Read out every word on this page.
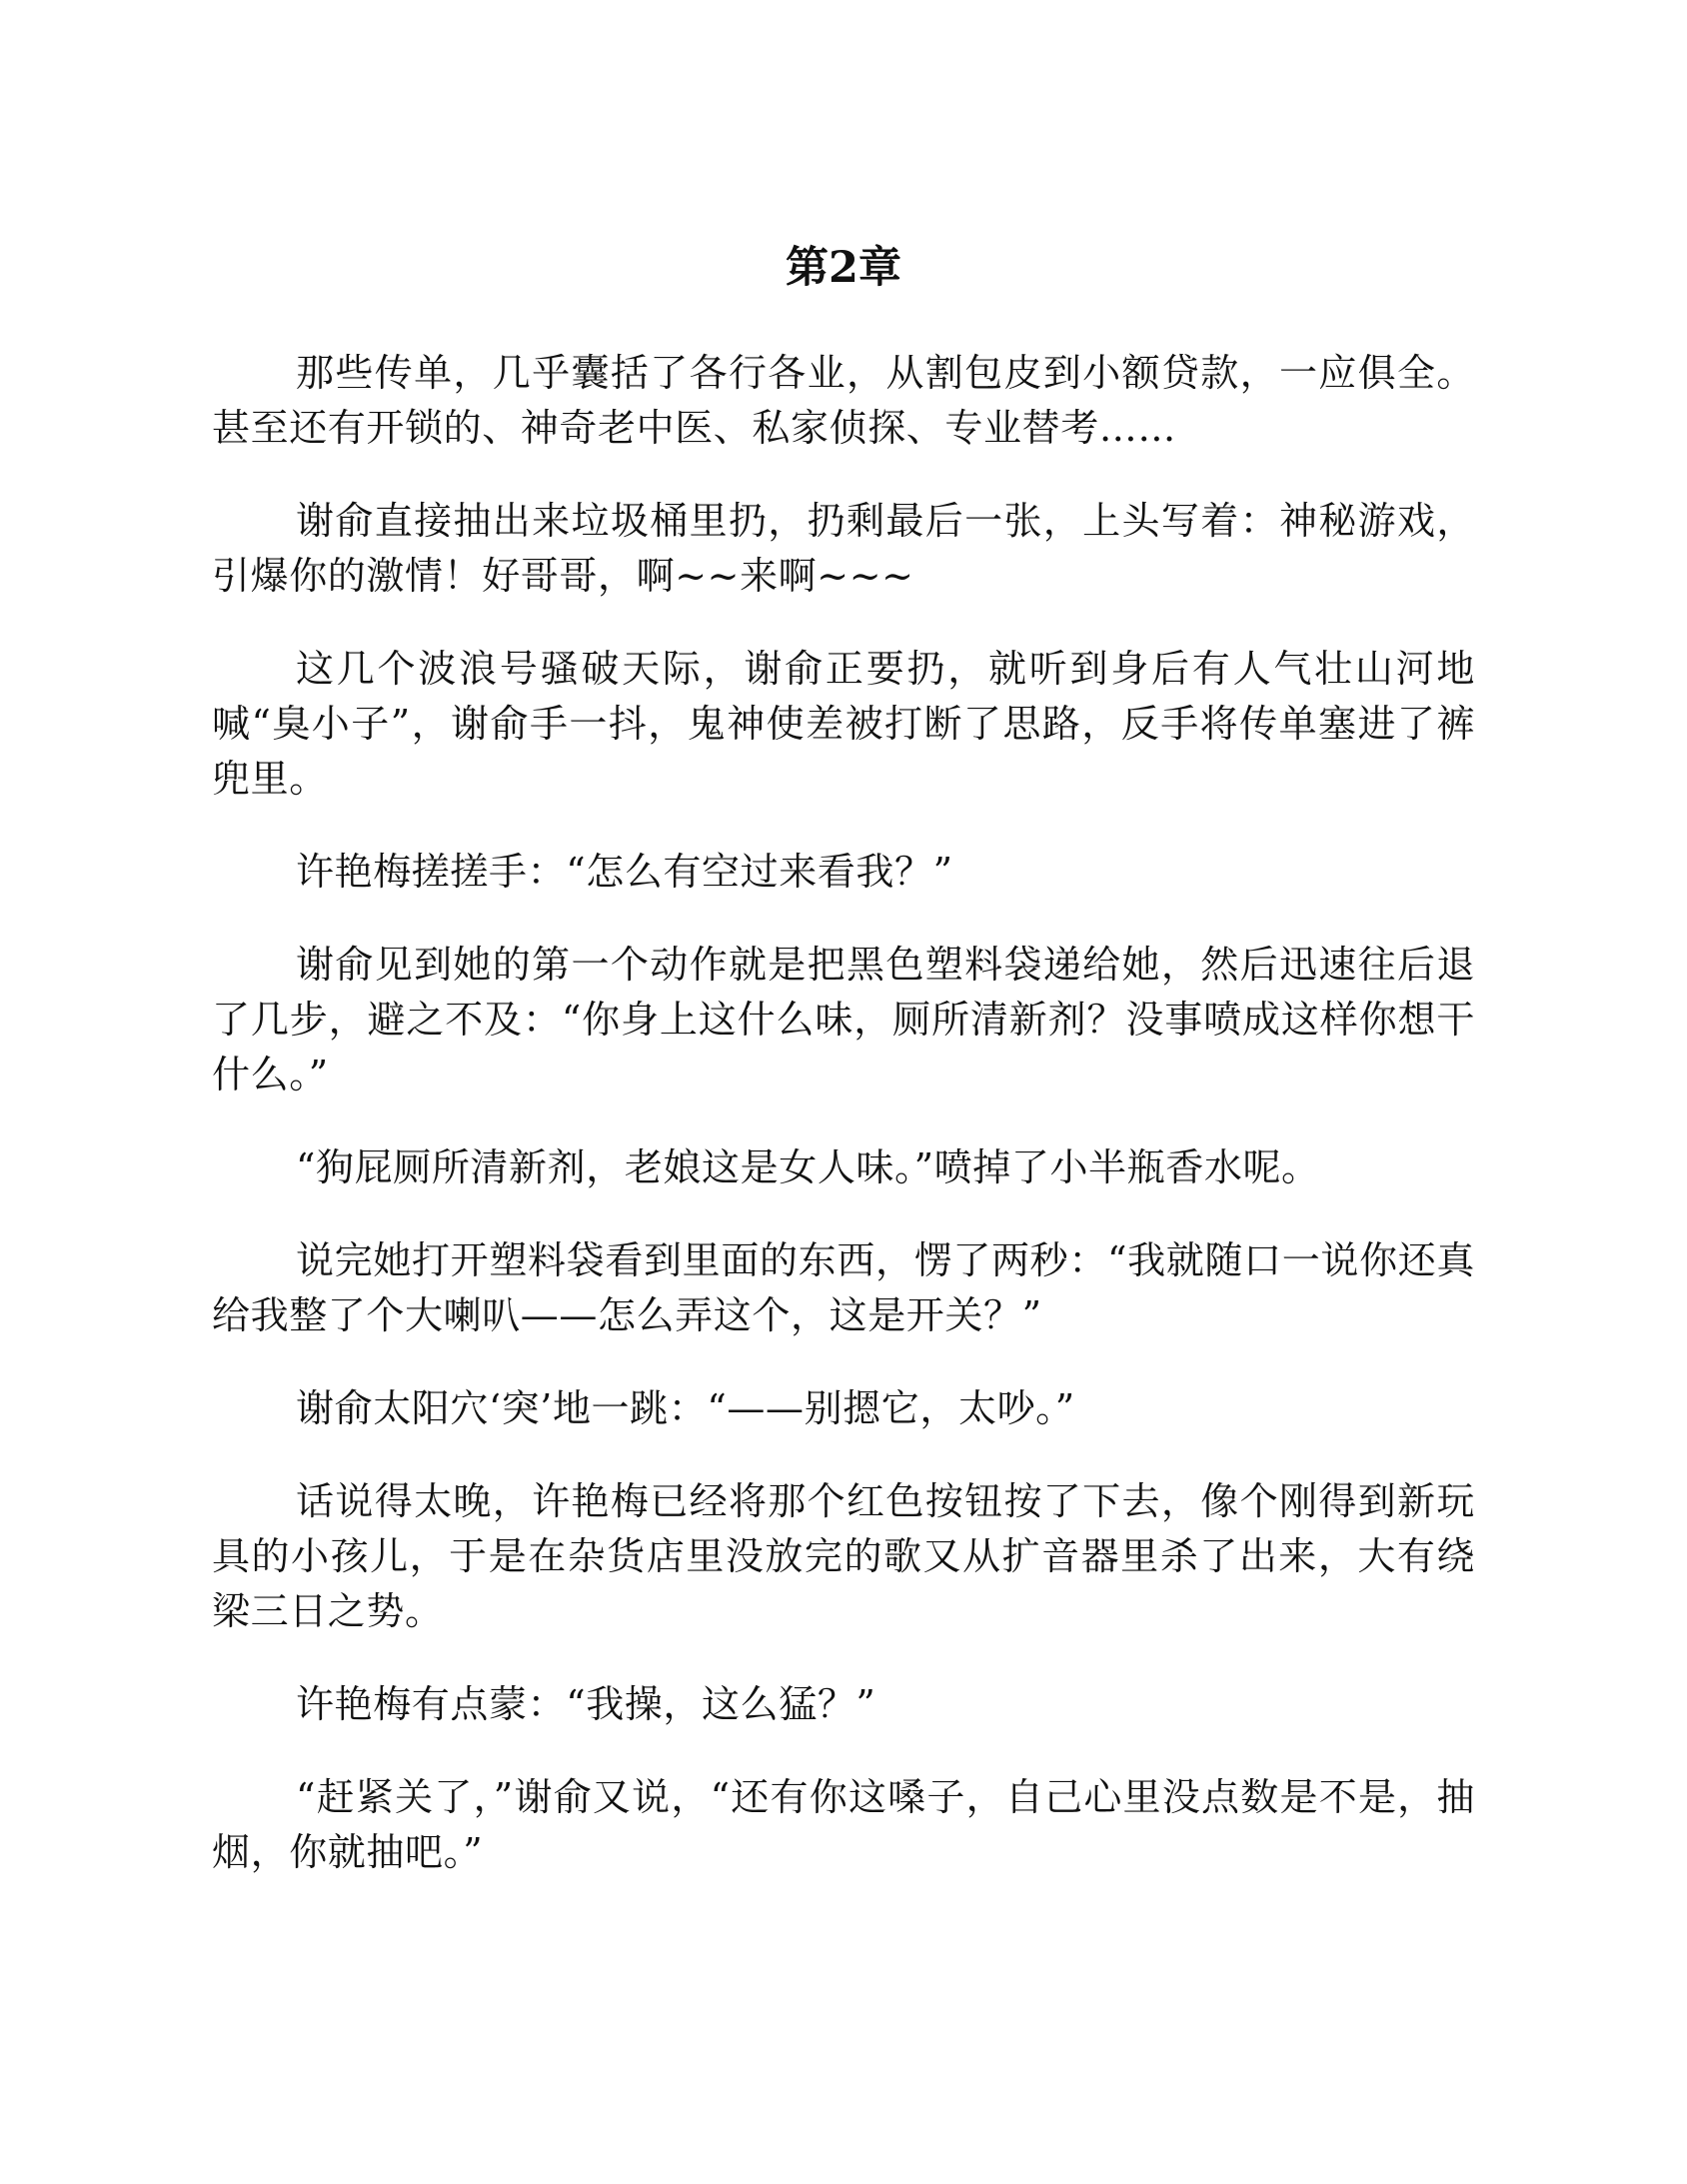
第2章

那些传单，几乎囊括了各行各业，从割包皮到小额贷款，一应俱全。甚至还有开锁的、神奇老中医、私家侦探、专业替考……

谢俞直接抽出来垃圾桶里扔，扔剩最后一张，上头写着：神秘游戏，引爆你的激情！好哥哥，啊~~来啊~~~

这几个波浪号骚破天际，谢俞正要扔，就听到身后有人气壮山河地喊“臭小子”，谢俞手一抖，鬼神使差被打断了思路，反手将传单塞进了裤兜里。

许艳梅搓搓手：“怎么有空过来看我？”

谢俞见到她的第一个动作就是把黑色塑料袋递给她，然后迅速往后退了几步，避之不及：“你身上这什么味，厕所清新剂？没事喷成这样你想干什么。”

“狗屁厕所清新剂，老娘这是女人味。”喷掉了小半瓶香水呢。

说完她打开塑料袋看到里面的东西，愣了两秒：“我就随口一说你还真给我整了个大喇叭——怎么弄这个，这是开关？”

谢俞太阳穴‘突’地一跳：“——别摁它，太吵。”

话说得太晚，许艳梅已经将那个红色按钮按了下去，像个刚得到新玩具的小孩儿，于是在杂货店里没放完的歌又从扩音器里杀了出来，大有绕梁三日之势。

许艳梅有点蒙：“我操，这么猛？”

“赶紧关了，”谢俞又说，“还有你这嗓子，自己心里没点数是不是，抽烟，你就抽吧。”
